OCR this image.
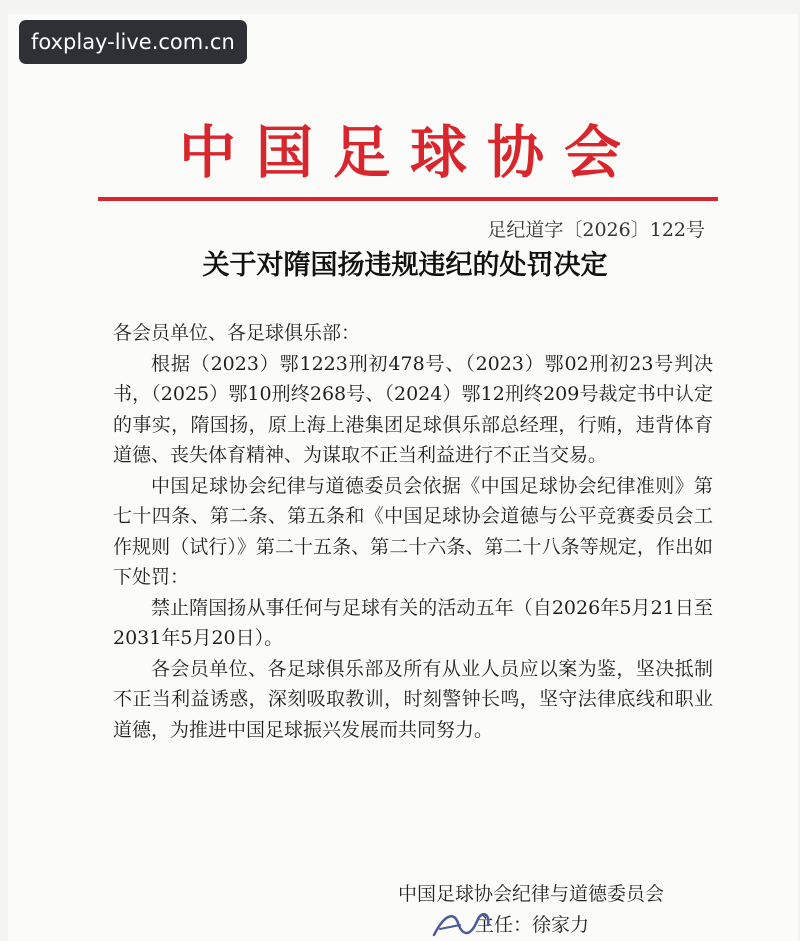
foxplay-live.com.cn
中国足球协会
足纪道字〔2026〕122号
关于对隋国扬违规违纪的处罚决定

各会员单位、各足球俱乐部：

根据（2023）鄂1223刑初478号、（2023）鄂02刑初23号判决书，（2025）鄂10刑终268号、（2024）鄂12刑终209号裁定书中认定的事实，隋国扬，原上海上港集团足球俱乐部总经理，行贿，违背体育道德、丧失体育精神、为谋取不正当利益进行不正当交易。

中国足球协会纪律与道德委员会依据《中国足球协会纪律准则》第七十四条、第二条、第五条和《中国足球协会道德与公平竞赛委员会工作规则（试行）》第二十五条、第二十六条、第二十八条等规定，作出如下处罚：

禁止隋国扬从事任何与足球有关的活动五年（自2026年5月21日至2031年5月20日）。

各会员单位、各足球俱乐部及所有从业人员应以案为鉴，坚决抵制不正当利益诱惑，深刻吸取教训，时刻警钟长鸣，坚守法律底线和职业道德，为推进中国足球振兴发展而共同努力。

中国足球协会纪律与道德委员会
主任：徐家力
